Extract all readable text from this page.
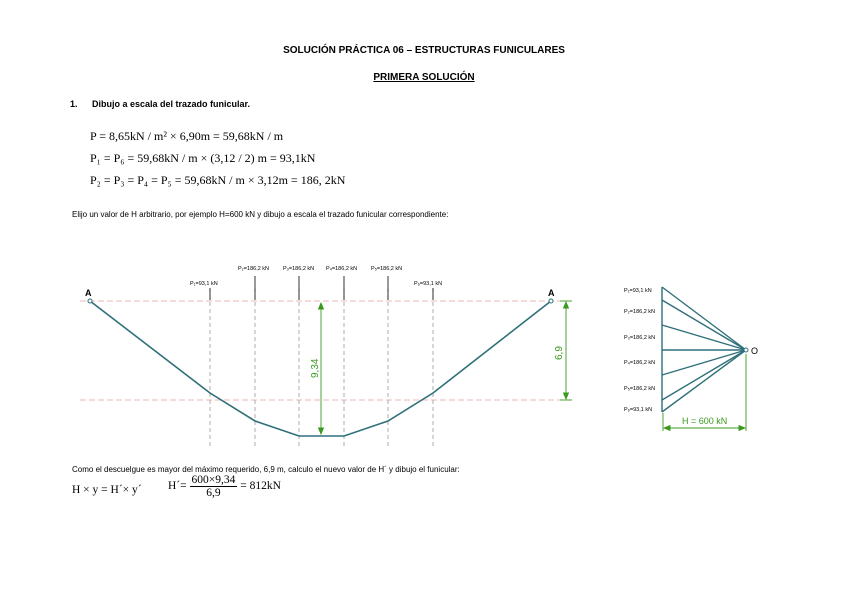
SOLUCIÓN PRÁCTICA 06 – ESTRUCTURAS FUNICULARES
PRIMERA SOLUCIÓN
1. Dibujo a escala del trazado funicular.
P = 8,65kN / m² × 6,90m = 59,68kN / m
P₁ = P₆ = 59,68kN / m × (3,12 / 2) m = 93,1kN
P₂ = P₃ = P₄ = P₅ = 59,68kN / m × 3,12m = 186, 2kN
Elijo un valor de H arbitrario, por ejemplo H=600 kN y dibujo a escala el trazado funicular correspondiente:
9,34
6,9
A	A
P₁=93,1 kN
P₂=186,2 kN	P₃=186,2 kN P₄=186,2 kN	P₅=186,2 kN
P₆=93,1 kN
O
H = 600 kN
P₁=93,1 kN
P₂=186,2 kN
P₃=186,2 kN
P₄=186,2 kN
P₅=186,2 kN
P₆=93,1 kN
Como el descuelgue es mayor del máximo requerido, 6,9 m, calculo el nuevo valor de H´ y dibujo el funicular:
H × y = H´× y´ H´= $\frac{600\times 9,34}{6,9} = 812kN$
